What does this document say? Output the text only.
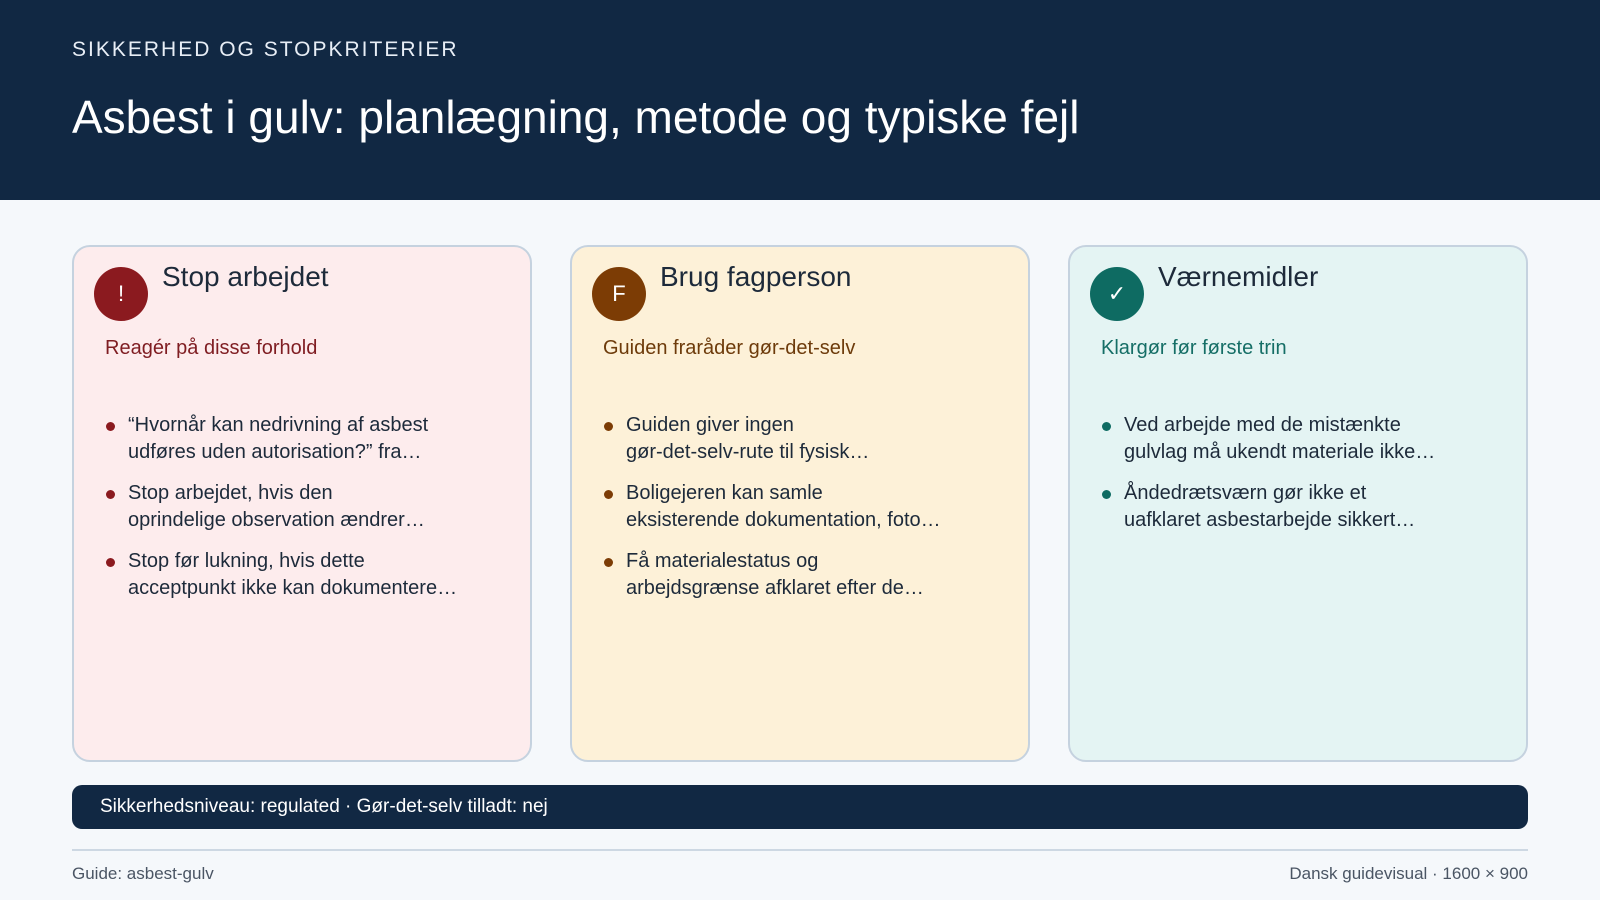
SIKKERHED OG STOPKRITERIER
Asbest i gulv: planlægning, metode og typiske fejl
!
Stop arbejdet
Reagér på disse forhold
“Hvornår kan nedrivning af asbest
udføres uden autorisation?” fra…
Stop arbejdet, hvis den
oprindelige observation ændrer…
Stop før lukning, hvis dette
acceptpunkt ikke kan dokumentere…
F
Brug fagperson
Guiden fraråder gør-det-selv
Guiden giver ingen
gør-det-selv-rute til fysisk…
Boligejeren kan samle
eksisterende dokumentation, foto…
Få materialestatus og
arbejdsgrænse afklaret efter de…
✓
Værnemidler
Klargør før første trin
Ved arbejde med de mistænkte
gulvlag må ukendt materiale ikke…
Åndedrætsværn gør ikke et
uafklaret asbestarbejde sikkert…
Sikkerhedsniveau: regulated · Gør-det-selv tilladt: nej
Guide: asbest-gulv	Dansk guidevisual · 1600 × 900
